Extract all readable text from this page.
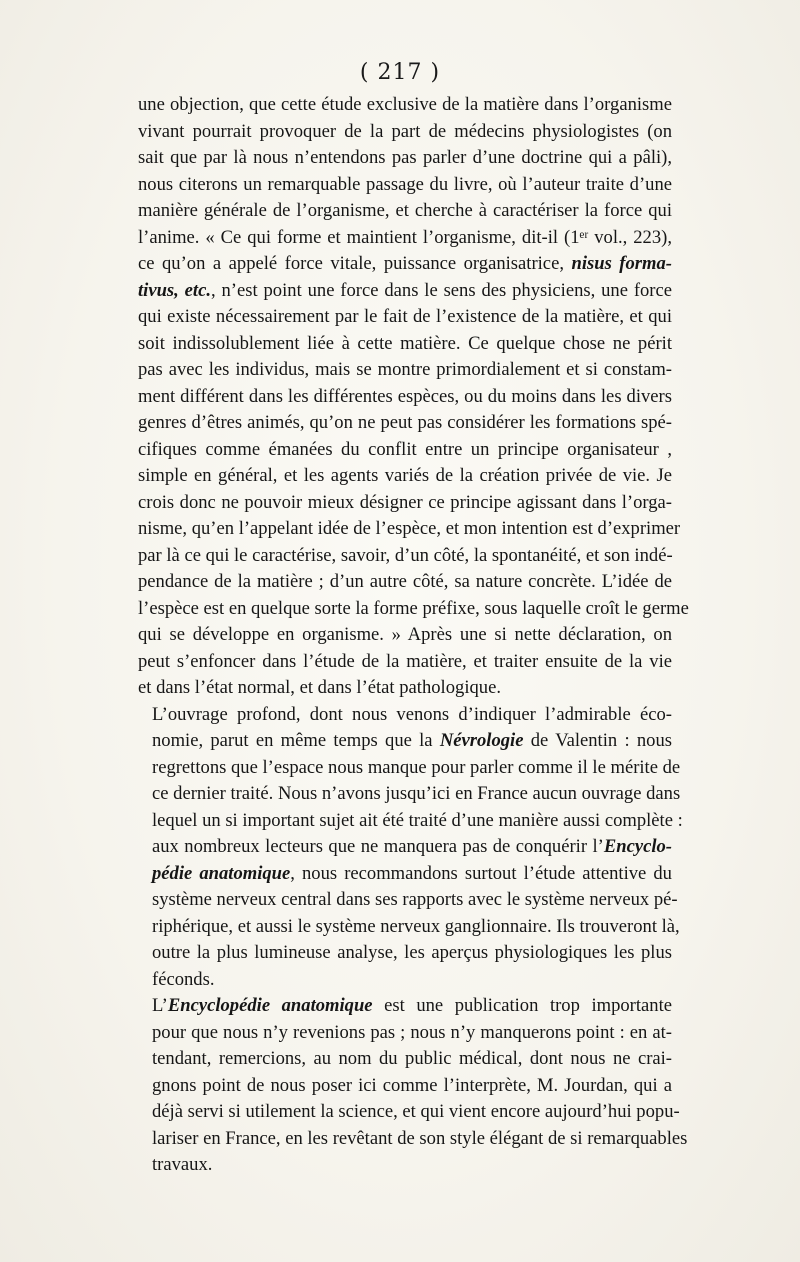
( 217 )

une objection, que cette étude exclusive de la matière dans l’organisme
vivant pourrait provoquer de la part de médecins physiologistes (on
sait que par là nous n’entendons pas parler d’une doctrine qui a pâli),
nous citerons un remarquable passage du livre, où l’auteur traite d’une
manière générale de l’organisme, et cherche à caractériser la force qui
l’anime. « Ce qui forme et maintient l’organisme, dit-il (1ᵉʳ vol., 223),
ce qu’on a appelé force vitale, puissance organisatrice, nisus forma-
tivus, etc., n’est point une force dans le sens des physiciens, une force
qui existe nécessairement par le fait de l’existence de la matière, et qui
soit indissolublement liée à cette matière. Ce quelque chose ne périt
pas avec les individus, mais se montre primordialement et si constam-
ment différent dans les différentes espèces, ou du moins dans les divers
genres d’êtres animés, qu’on ne peut pas considérer les formations spé-
cifiques comme émanées du conflit entre un principe organisateur ,
simple en général, et les agents variés de la création privée de vie. Je
crois donc ne pouvoir mieux désigner ce principe agissant dans l’orga-
nisme, qu’en l’appelant idée de l’espèce, et mon intention est d’exprimer
par là ce qui le caractérise, savoir, d’un côté, la spontanéité, et son indé-
pendance de la matière ; d’un autre côté, sa nature concrète. L’idée de
l’espèce est en quelque sorte la forme préfixe, sous laquelle croît le germe
qui se développe en organisme. » Après une si nette déclaration, on
peut s’enfoncer dans l’étude de la matière, et traiter ensuite de la vie
et dans l’état normal, et dans l’état pathologique.

L’ouvrage profond, dont nous venons d’indiquer l’admirable éco-
nomie, parut en même temps que la Névrologie de Valentin : nous
regrettons que l’espace nous manque pour parler comme il le mérite de
ce dernier traité. Nous n’avons jusqu’ici en France aucun ouvrage dans
lequel un si important sujet ait été traité d’une manière aussi complète :
aux nombreux lecteurs que ne manquera pas de conquérir l’Encyclo-
pédie anatomique, nous recommandons surtout l’étude attentive du
système nerveux central dans ses rapports avec le système nerveux pé-
riphérique, et aussi le système nerveux ganglionnaire. Ils trouveront là,
outre la plus lumineuse analyse, les aperçus physiologiques les plus
féconds.

L’Encyclopédie anatomique est une publication trop importante
pour que nous n’y revenions pas ; nous n’y manquerons point : en at-
tendant, remercions, au nom du public médical, dont nous ne crai-
gnons point de nous poser ici comme l’interprète, M. Jourdan, qui a
déjà servi si utilement la science, et qui vient encore aujourd’hui popu-
lariser en France, en les revêtant de son style élégant de si remarquables
travaux.
